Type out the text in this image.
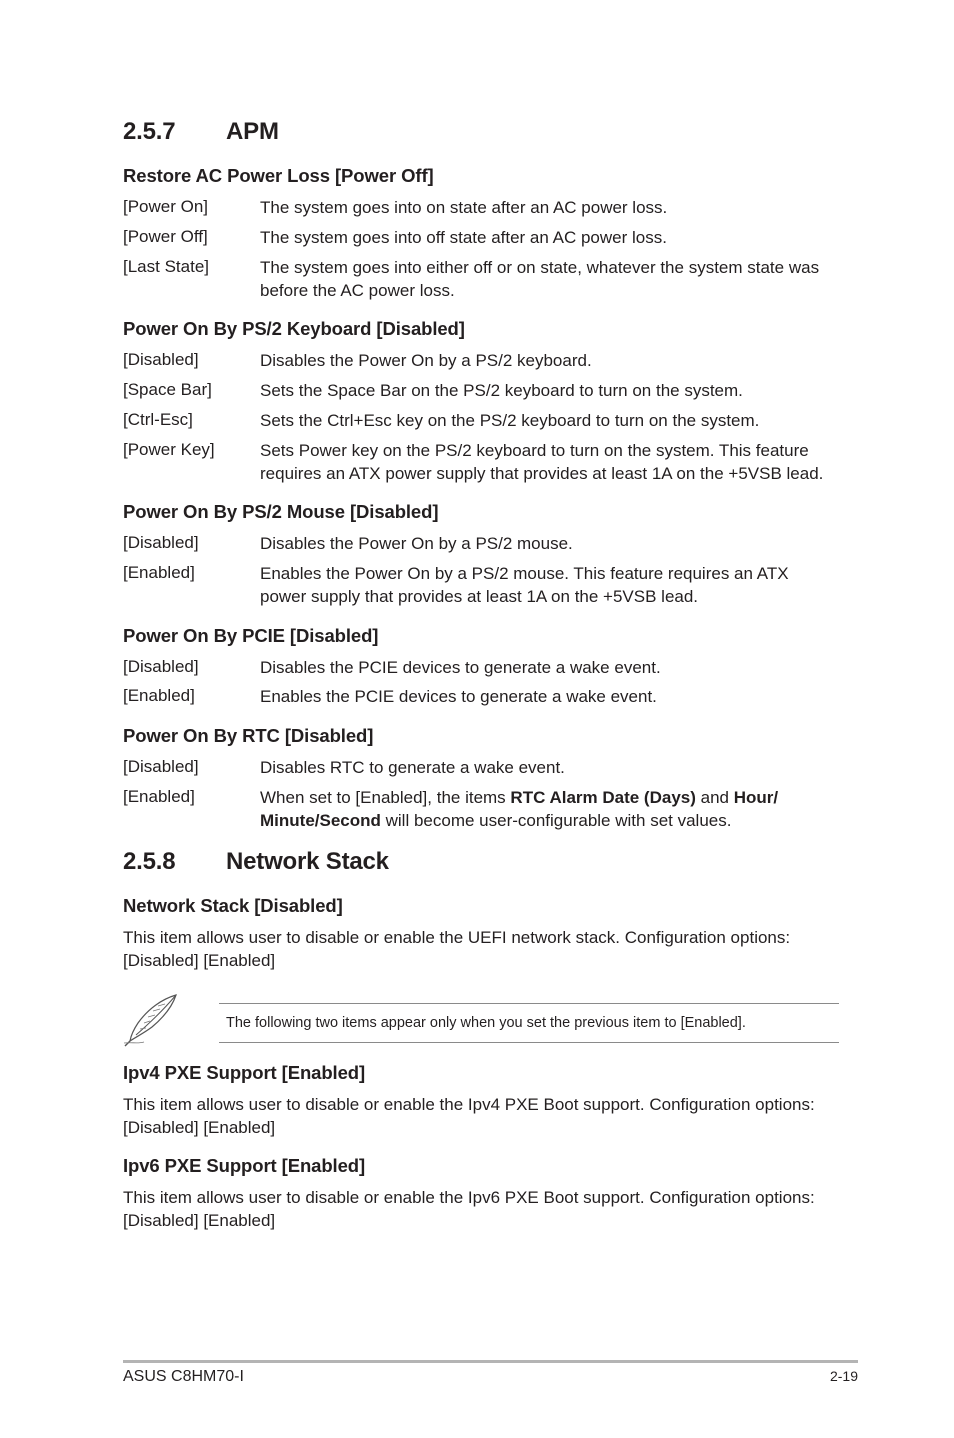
2.5.7 APM
Restore AC Power Loss [Power Off]
[Power On]	The system goes into on state after an AC power loss.
[Power Off]	The system goes into off state after an AC power loss.
[Last State]	The system goes into either off or on state, whatever the system state was before the AC power loss.
Power On By PS/2 Keyboard [Disabled]
[Disabled]	Disables the Power On by a PS/2 keyboard.
[Space Bar]	Sets the Space Bar on the PS/2 keyboard to turn on the system.
[Ctrl-Esc]	Sets the Ctrl+Esc key on the PS/2 keyboard to turn on the system.
[Power Key]	Sets Power key on the PS/2 keyboard to turn on the system. This feature requires an ATX power supply that provides at least 1A on the +5VSB lead.
Power On By PS/2 Mouse [Disabled]
[Disabled]	Disables the Power On by a PS/2 mouse.
[Enabled]	Enables the Power On by a PS/2 mouse. This feature requires an ATX power supply that provides at least 1A on the +5VSB lead.
Power On By PCIE [Disabled]
[Disabled]	Disables the PCIE devices to generate a wake event.
[Enabled]	Enables the PCIE devices to generate a wake event.
Power On By RTC [Disabled]
[Disabled]	Disables RTC to generate a wake event.
[Enabled]	When set to [Enabled], the items RTC Alarm Date (Days) and Hour/ Minute/Second will become user-configurable with set values.
2.5.8 Network Stack
Network Stack [Disabled]
This item allows user to disable or enable the UEFI network stack. Configuration options: [Disabled] [Enabled]
The following two items appear only when you set the previous item to [Enabled].
Ipv4 PXE Support [Enabled]
This item allows user to disable or enable the Ipv4 PXE Boot support. Configuration options: [Disabled] [Enabled]
Ipv6 PXE Support [Enabled]
This item allows user to disable or enable the Ipv6 PXE Boot support. Configuration options: [Disabled] [Enabled]
ASUS C8HM70-I	2-19
